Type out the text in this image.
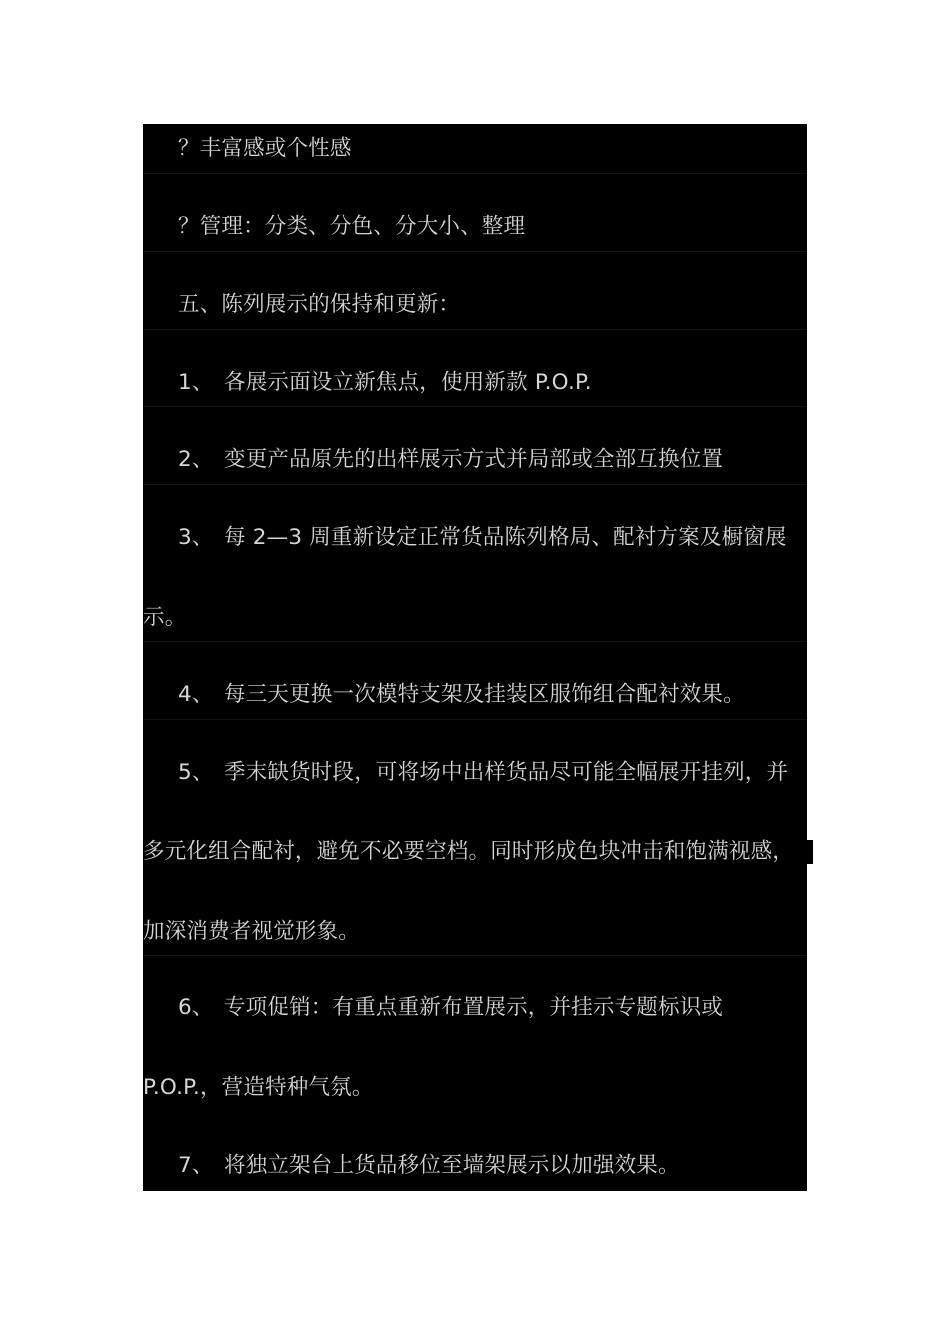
？丰富感或个性感
？管理：分类、分色、分大小、整理
五、陈列展示的保持和更新：
1、 各展示面设立新焦点，使用新款 P.O.P.
2、 变更产品原先的出样展示方式并局部或全部互换位置
3、 每 2—3 周重新设定正常货品陈列格局、配衬方案及橱窗展
示。
4、 每三天更换一次模特支架及挂装区服饰组合配衬效果。
5、 季末缺货时段，可将场中出样货品尽可能全幅展开挂列，并
多元化组合配衬，避免不必要空档。同时形成色块冲击和饱满视感，
加深消费者视觉形象。
6、 专项促销：有重点重新布置展示，并挂示专题标识或
P.O.P.，营造特种气氛。
7、 将独立架台上货品移位至墙架展示以加强效果。
